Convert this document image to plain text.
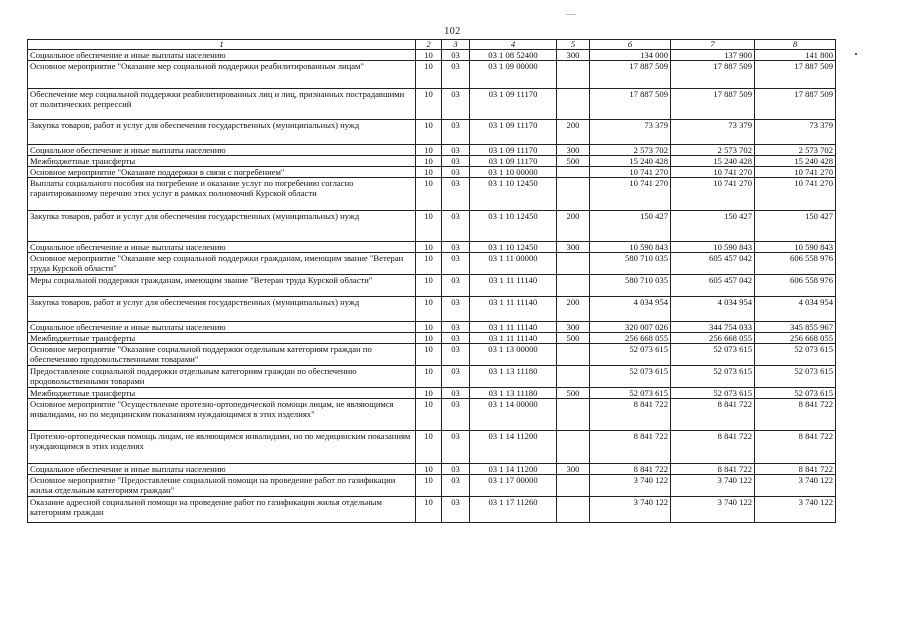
102
1	2	3	4	5	6	7	8
Социальное обеспечение и иные выплаты населению	10	03	03 1 08 52400	300	134 000	137 900	141 800
Основное мероприятие "Оказание мер социальной поддержки реабилитированным лицам"	10	03	03 1 09 00000		17 887 509	17 887 509	17 887 509
Обеспечение мер социальной поддержки реабилитированных лиц и лиц, признанных пострадавшими от политических репрессий	10	03	03 1 09 11170		17 887 509	17 887 509	17 887 509
Закупка товаров, работ и услуг для обеспечения государственных (муниципальных) нужд	10	03	03 1 09 11170	200	73 379	73 379	73 379
Социальное обеспечение и иные выплаты населению	10	03	03 1 09 11170	300	2 573 702	2 573 702	2 573 702
Межбюджетные трансферты	10	03	03 1 09 11170	500	15 240 428	15 240 428	15 240 428
Основное мероприятие "Оказание поддержки в связи с погребением"	10	03	03 1 10 00000		10 741 270	10 741 270	10 741 270
Выплаты социального пособия на погребение и оказание услуг по погребению согласно гарантированному перечню этих услуг в рамках полномочий Курской области	10	03	03 1 10 12450		10 741 270	10 741 270	10 741 270
Закупка товаров, работ и услуг для обеспечения государственных (муниципальных) нужд	10	03	03 1 10 12450	200	150 427	150 427	150 427
Социальное обеспечение и иные выплаты населению	10	03	03 1 10 12450	300	10 590 843	10 590 843	10 590 843
Основное мероприятие "Оказание мер социальной поддержки гражданам, имеющим звание "Ветеран труда Курской области"	10	03	03 1 11 00000		580 710 035	605 457 042	606 558 976
Меры социальной поддержки гражданам, имеющим звание "Ветеран труда Курской области"	10	03	03 1 11 11140		580 710 035	605 457 042	606 558 976
Закупка товаров, работ и услуг для обеспечения государственных (муниципальных) нужд	10	03	03 1 11 11140	200	4 034 954	4 034 954	4 034 954
Социальное обеспечение и иные выплаты населению	10	03	03 1 11 11140	300	320 007 026	344 754 033	345 855 967
Межбюджетные трансферты	10	03	03 1 11 11140	500	256 668 055	256 668 055	256 668 055
Основное мероприятие "Оказание социальной поддержки отдельным категориям граждан по обеспечению продовольственными товарами"	10	03	03 1 13 00000		52 073 615	52 073 615	52 073 615
Предоставление социальной поддержки отдельным категориям граждан по обеспечению продовольственными товарами	10	03	03 1 13 11180		52 073 615	52 073 615	52 073 615
Межбюджетные трансферты	10	03	03 1 13 11180	500	52 073 615	52 073 615	52 073 615
Основное мероприятие "Осуществление протезно-ортопедической помощи лицам, не являющимся инвалидами, но по медицинским показаниям нуждающимся в этих изделиях"	10	03	03 1 14 00000		8 841 722	8 841 722	8 841 722
Протезно-ортопедическая помощь лицам, не являющимся инвалидами, но по медицинским показаниям нуждающимся в этих изделиях	10	03	03 1 14 11200		8 841 722	8 841 722	8 841 722
Социальное обеспечение и иные выплаты населению	10	03	03 1 14 11200	300	8 841 722	8 841 722	8 841 722
Основное мероприятие "Предоставление социальной помощи на проведение работ по газификации жилья отдельным категориям граждан"	10	03	03 1 17 00000		3 740 122	3 740 122	3 740 122
Оказание адресной социальной помощи на проведение работ по газификации жилья отдельным категориям граждан	10	03	03 1 17 11260		3 740 122	3 740 122	3 740 122
